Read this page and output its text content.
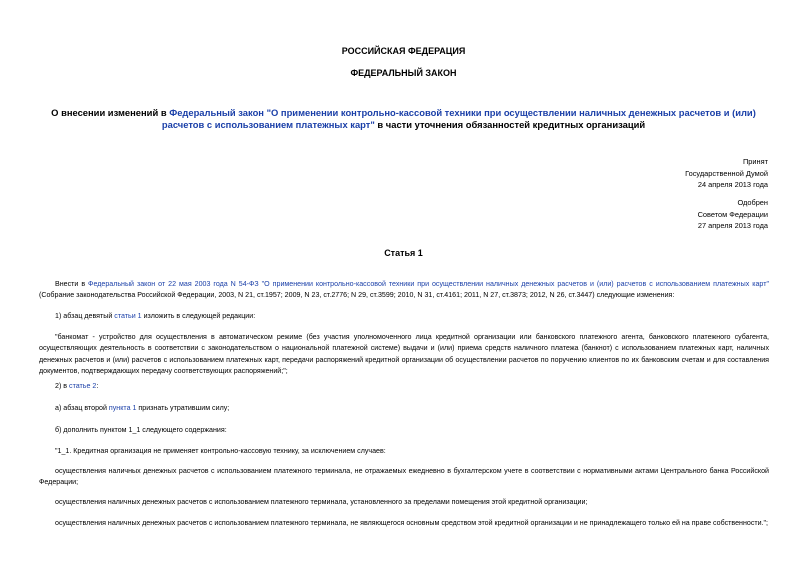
РОССИЙСКАЯ ФЕДЕРАЦИЯ
ФЕДЕРАЛЬНЫЙ ЗАКОН
О внесении изменений в Федеральный закон "О применении контрольно-кассовой техники при осуществлении наличных денежных расчетов и (или) расчетов с использованием платежных карт" в части уточнения обязанностей кредитных организаций
Принят
Государственной Думой
24 апреля 2013 года
Одобрен
Советом Федерации
27 апреля 2013 года
Статья 1
Внести в Федеральный закон от 22 мая 2003 года N 54-ФЗ "О применении контрольно-кассовой техники при осуществлении наличных денежных расчетов и (или) расчетов с использованием платежных карт" (Собрание законодательства Российской Федерации, 2003, N 21, ст.1957; 2009, N 23, ст.2776; N 29, ст.3599; 2010, N 31, ст.4161; 2011, N 27, ст.3873; 2012, N 26, ст.3447) следующие изменения:
1) абзац девятый статьи 1 изложить в следующей редакции:
"банкомат - устройство для осуществления в автоматическом режиме (без участия уполномоченного лица кредитной организации или банковского платежного агента, банковского платежного субагента, осуществляющих деятельность в соответствии с законодательством о национальной платежной системе) выдачи и (или) приема средств наличного платежа (банкнот) с использованием платежных карт, наличных денежных расчетов и (или) расчетов с использованием платежных карт, передачи распоряжений кредитной организации об осуществлении расчетов по поручению клиентов по их банковским счетам и для составления документов, подтверждающих передачу соответствующих распоряжений;";
2) в статье 2:
а) абзац второй пункта 1 признать утратившим силу;
б) дополнить пунктом 1_1 следующего содержания:
"1_1. Кредитная организация не применяет контрольно-кассовую технику, за исключением случаев:
осуществления наличных денежных расчетов с использованием платежного терминала, не отражаемых ежедневно в бухгалтерском учете в соответствии с нормативными актами Центрального банка Российской Федерации;
осуществления наличных денежных расчетов с использованием платежного терминала, установленного за пределами помещения этой кредитной организации;
осуществления наличных денежных расчетов с использованием платежного терминала, не являющегося основным средством этой кредитной организации и не принадлежащего только ей на праве собственности.";
